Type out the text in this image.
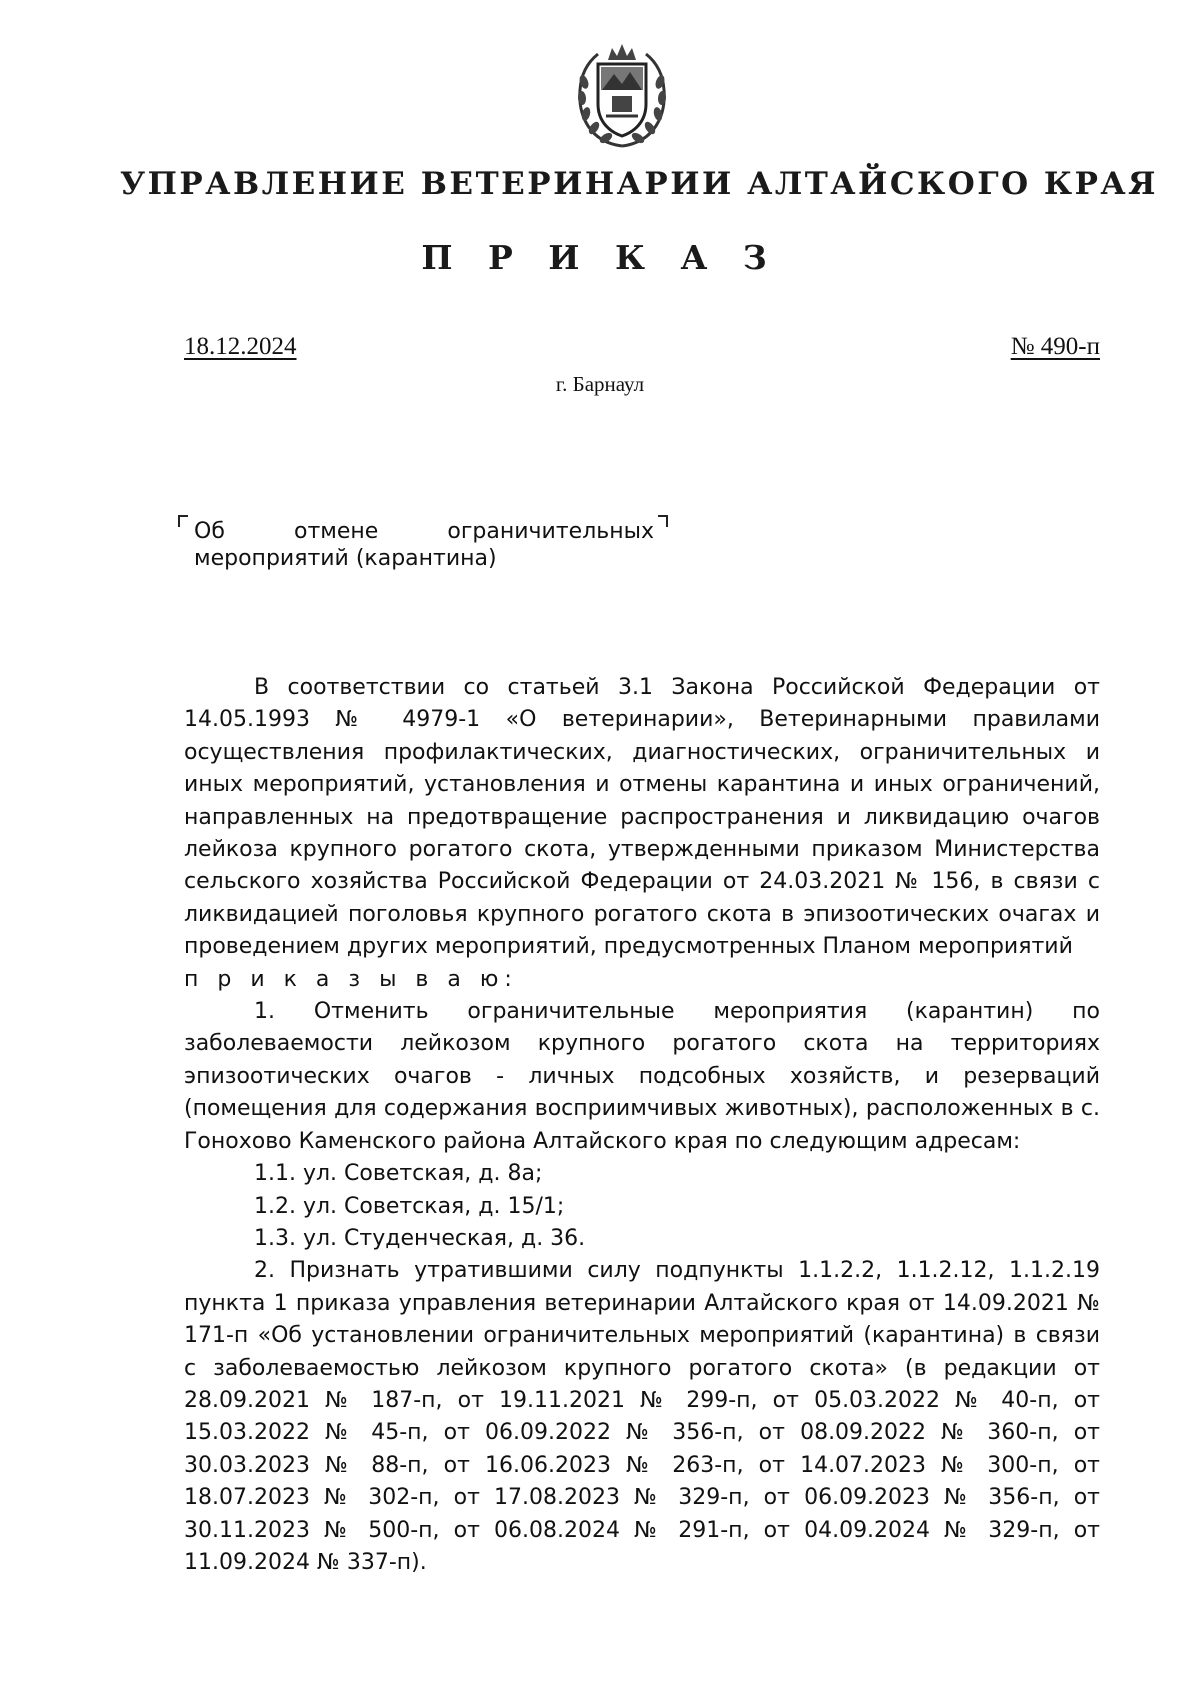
УПРАВЛЕНИЕ ВЕТЕРИНАРИИ АЛТАЙСКОГО КРАЯ
П Р И К А З
18.12.2024	№ 490-п
г. Барнаул
Об	отмене	ограничительных
мероприятий (карантина)

В соответствии со статьей 3.1 Закона Российской Федерации от 14.05.1993 № 4979-1 «О ветеринарии», Ветеринарными правилами осуществления профилактических, диагностических, ограничительных и иных мероприятий, установления и отмены карантина и иных ограничений, направленных на предотвращение распространения и ликвидацию очагов лейкоза крупного рогатого скота, утвержденными приказом Министерства сельского хозяйства Российской Федерации от 24.03.2021 № 156, в связи с ликвидацией поголовья крупного рогатого скота в эпизоотических очагах и проведением других мероприятий, предусмотренных Планом мероприятий

п р и к а з ы в а ю:

1. Отменить ограничительные мероприятия (карантин) по заболеваемости лейкозом крупного рогатого скота на территориях эпизоотических очагов - личных подсобных хозяйств, и резерваций (помещения для содержания восприимчивых животных), расположенных в с. Гонохово Каменского района Алтайского края по следующим адресам:

1.1. ул. Советская, д. 8а;

1.2. ул. Советская, д. 15/1;

1.3. ул. Студенческая, д. 36.

2. Признать утратившими силу подпункты 1.1.2.2, 1.1.2.12, 1.1.2.19 пункта 1 приказа управления ветеринарии Алтайского края от 14.09.2021 № 171-п «Об установлении ограничительных мероприятий (карантина) в связи с заболеваемостью лейкозом крупного рогатого скота» (в редакции от 28.09.2021 № 187-п, от 19.11.2021 № 299-п, от 05.03.2022 № 40-п, от 15.03.2022 № 45-п, от 06.09.2022 № 356-п, от 08.09.2022 № 360-п, от 30.03.2023 № 88-п, от 16.06.2023 № 263-п, от 14.07.2023 № 300-п, от 18.07.2023 № 302-п, от 17.08.2023 № 329-п, от 06.09.2023 № 356-п, от 30.11.2023 № 500-п, от 06.08.2024 № 291-п, от 04.09.2024 № 329-п, от 11.09.2024 № 337-п).
